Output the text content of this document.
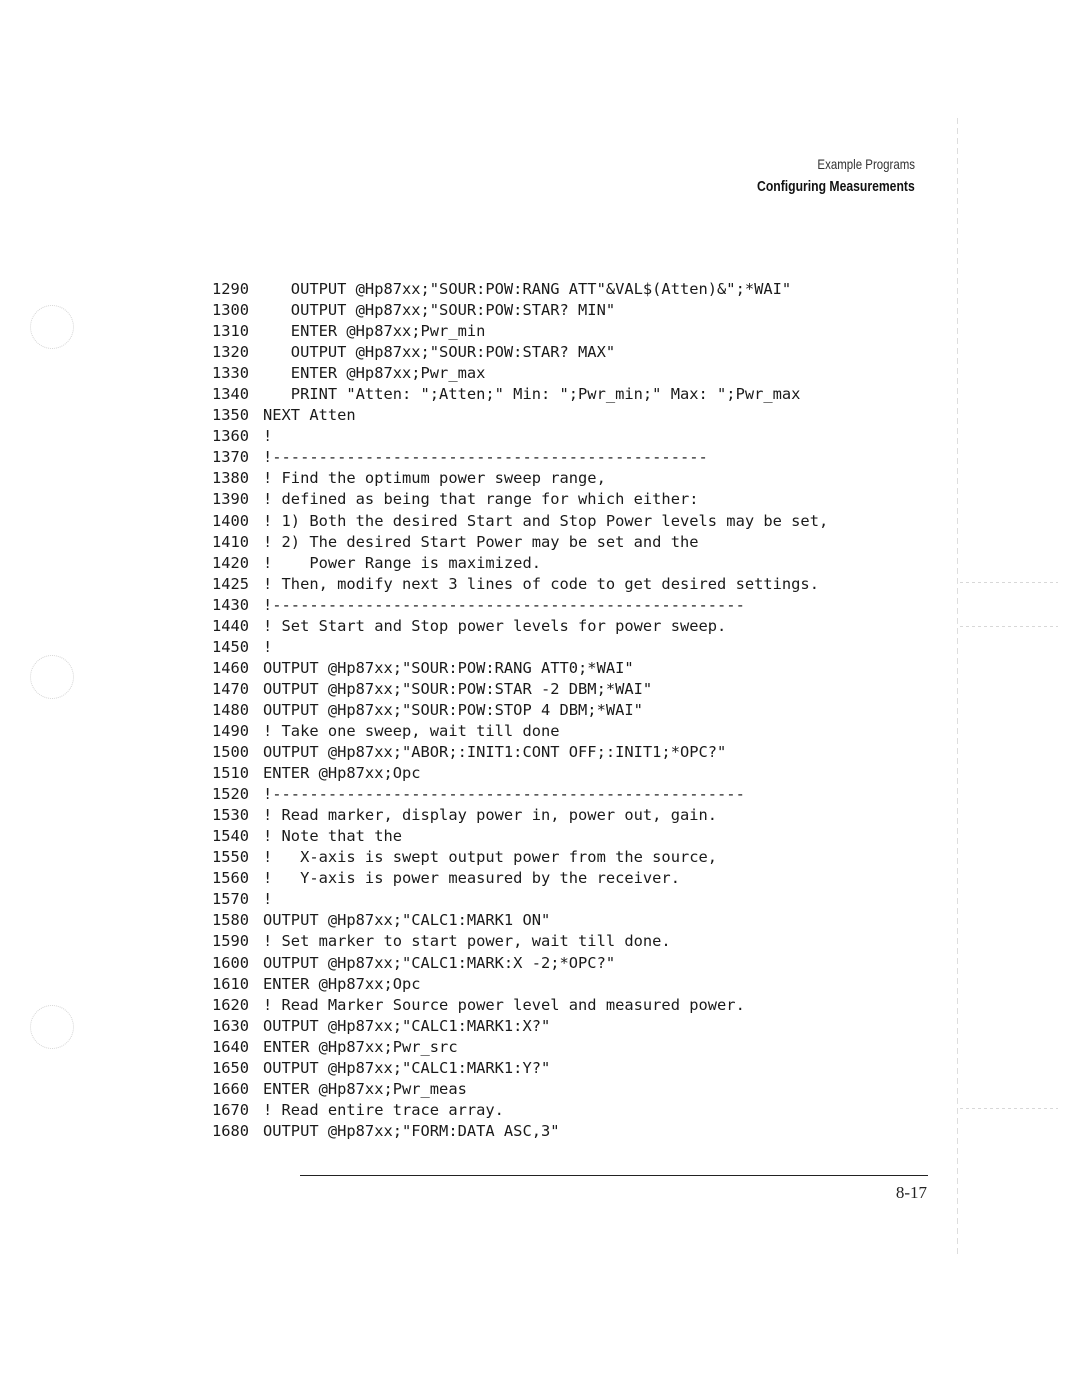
Example Programs
Configuring Measurements
1290   OUTPUT @Hp87xx;"SOUR:POW:RANG ATT"&VAL$(Atten)&";*WAI"
1300   OUTPUT @Hp87xx;"SOUR:POW:STAR? MIN"
1310   ENTER @Hp87xx;Pwr_min
1320   OUTPUT @Hp87xx;"SOUR:POW:STAR? MAX"
1330   ENTER @Hp87xx;Pwr_max
1340   PRINT "Atten: ";Atten;" Min: ";Pwr_min;" Max: ";Pwr_max
1350 NEXT Atten
1360 !
1370 !-----------------------------------------------
1380 ! Find the optimum power sweep range,
1390 ! defined as being that range for which either:
1400 ! 1) Both the desired Start and Stop Power levels may be set,
1410 ! 2) The desired Start Power may be set and the
1420 !    Power Range is maximized.
1425 ! Then, modify next 3 lines of code to get desired settings.
1430 !---------------------------------------------------
1440 ! Set Start and Stop power levels for power sweep.
1450 !
1460 OUTPUT @Hp87xx;"SOUR:POW:RANG ATT0;*WAI"
1470 OUTPUT @Hp87xx;"SOUR:POW:STAR -2 DBM;*WAI"
1480 OUTPUT @Hp87xx;"SOUR:POW:STOP 4 DBM;*WAI"
1490 ! Take one sweep, wait till done
1500 OUTPUT @Hp87xx;"ABOR;:INIT1:CONT OFF;:INIT1;*OPC?"
1510 ENTER @Hp87xx;Opc
1520 !---------------------------------------------------
1530 ! Read marker, display power in, power out, gain.
1540 ! Note that the
1550 !   X-axis is swept output power from the source,
1560 !   Y-axis is power measured by the receiver.
1570 !
1580 OUTPUT @Hp87xx;"CALC1:MARK1 ON"
1590 ! Set marker to start power, wait till done.
1600 OUTPUT @Hp87xx;"CALC1:MARK:X -2;*OPC?"
1610 ENTER @Hp87xx;Opc
1620 ! Read Marker Source power level and measured power.
1630 OUTPUT @Hp87xx;"CALC1:MARK1:X?"
1640 ENTER @Hp87xx;Pwr_src
1650 OUTPUT @Hp87xx;"CALC1:MARK1:Y?"
1660 ENTER @Hp87xx;Pwr_meas
1670 ! Read entire trace array.
1680 OUTPUT @Hp87xx;"FORM:DATA ASC,3"
8-17
